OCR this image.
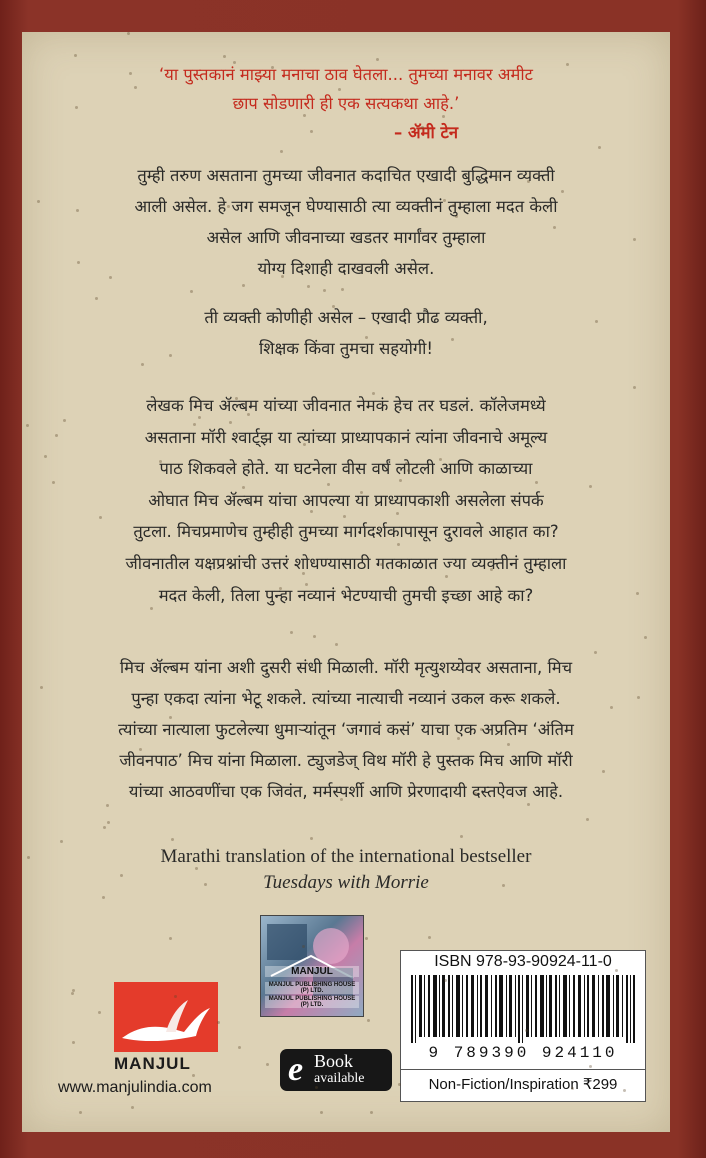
‘या पुस्तकानं माझ्या मनाचा ठाव घेतला... तुमच्या मनावर अमीट
छाप सोडणारी ही एक सत्यकथा आहे.’
– ॲमी टेन
तुम्ही तरुण असताना तुमच्या जीवनात कदाचित एखादी बुद्धिमान व्यक्ती
आली असेल. हे जग समजून घेण्यासाठी त्या व्यक्तीनं तुम्हाला मदत केली
असेल आणि जीवनाच्या खडतर मार्गांवर तुम्हाला
योग्य दिशाही दाखवली असेल.
ती व्यक्ती कोणीही असेल – एखादी प्रौढ व्यक्ती,
शिक्षक किंवा तुमचा सहयोगी!
लेखक मिच ॲल्बम यांच्या जीवनात नेमकं हेच तर घडलं. कॉलेजमध्ये
असताना मॉरी श्वार्ट्झ या त्यांच्या प्राध्यापकानं त्यांना जीवनाचे अमूल्य
पाठ शिकवले होते. या घटनेला वीस वर्षं लोटली आणि काळाच्या
ओघात मिच ॲल्बम यांचा आपल्या या प्राध्यापकाशी असलेला संपर्क
तुटला. मिचप्रमाणेच तुम्हीही तुमच्या मार्गदर्शकापासून दुरावले आहात का?
जीवनातील यक्षप्रश्नांची उत्तरं शोधण्यासाठी गतकाळात ज्या व्यक्तीनं तुम्हाला
मदत केली, तिला पुन्हा नव्यानं भेटण्याची तुमची इच्छा आहे का?
मिच ॲल्बम यांना अशी दुसरी संधी मिळाली. मॉरी मृत्युशय्येवर असताना, मिच
पुन्हा एकदा त्यांना भेटू शकले. त्यांच्या नात्याची नव्यानं उकल करू शकले.
त्यांच्या नात्याला फुटलेल्या धुमाऱ्यांतून ‘जगावं कसं’ याचा एक अप्रतिम ‘अंतिम
जीवनपाठ’ मिच यांना मिळाला. ट्युजडेज् विथ मॉरी हे पुस्तक मिच आणि मॉरी
यांच्या आठवणींचा एक जिवंत, मर्मस्पर्शी आणि प्रेरणादायी दस्तऐवज आहे.
Marathi translation of the international bestseller
Tuesdays with Morrie
MANJUL
www.manjulindia.com
MANJUL
MANJUL PUBLISHING HOUSE (P) LTD.
MANJUL PUBLISHING HOUSE (P) LTD.
e Book
available
ISBN 978-93-90924-11-0
9 789390 924110
Non-Fiction/Inspiration ₹299
